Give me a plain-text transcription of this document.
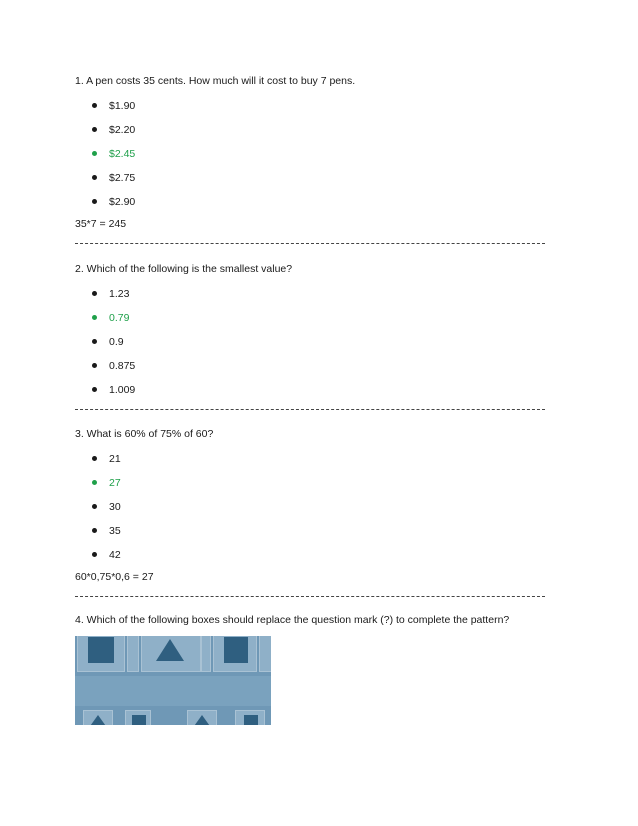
1. A pen costs 35 cents. How much will it cost to buy 7 pens.
$1.90
$2.20
$2.45
$2.75
$2.90
35*7 = 245
2. Which of the following is the smallest value?
1.23
0.79
0.9
0.875
1.009
3. What is 60% of 75% of 60?
21
27
30
35
42
60*0,75*0,6 = 27
4. Which of the following boxes should replace the question mark (?) to complete the pattern?
